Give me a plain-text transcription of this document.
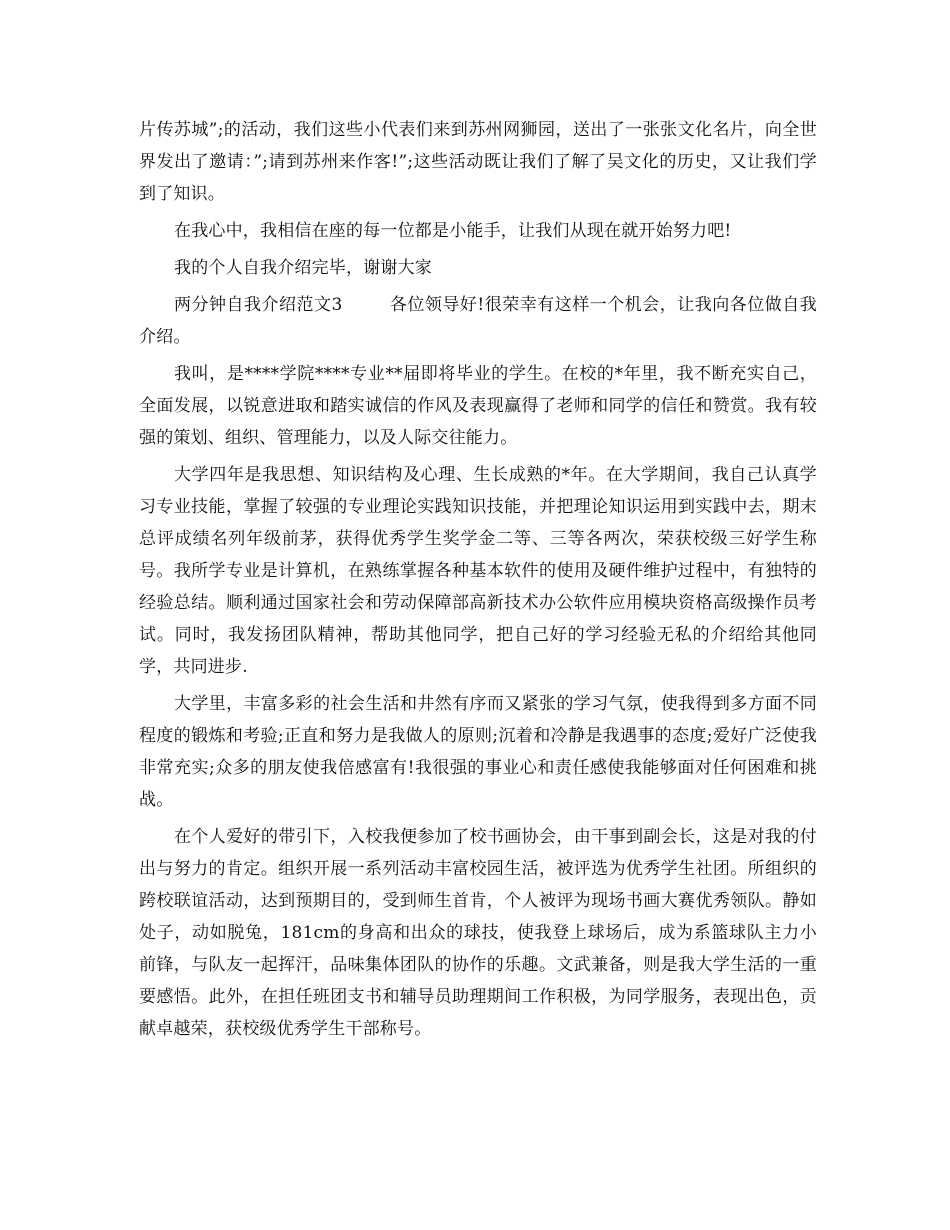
片传苏城”;的活动，我们这些小代表们来到苏州网狮园，送出了一张张文化名片，向全世界发出了邀请：”;请到苏州来作客!”;这些活动既让我们了解了吴文化的历史，又让我们学到了知识。

在我心中，我相信在座的每一位都是小能手，让我们从现在就开始努力吧!

我的个人自我介绍完毕，谢谢大家

两分钟自我介绍范文3        各位领导好!很荣幸有这样一个机会，让我向各位做自我介绍。

我叫，是****学院****专业**届即将毕业的学生。在校的*年里，我不断充实自己，全面发展，以锐意进取和踏实诚信的作风及表现赢得了老师和同学的信任和赞赏。我有较强的策划、组织、管理能力，以及人际交往能力。

大学四年是我思想、知识结构及心理、生长成熟的*年。在大学期间，我自己认真学习专业技能，掌握了较强的专业理论实践知识技能，并把理论知识运用到实践中去，期末总评成绩名列年级前茅，获得优秀学生奖学金二等、三等各两次，荣获校级三好学生称号。我所学专业是计算机，在熟练掌握各种基本软件的使用及硬件维护过程中，有独特的经验总结。顺利通过国家社会和劳动保障部高新技术办公软件应用模块资格高级操作员考试。同时，我发扬团队精神，帮助其他同学，把自己好的学习经验无私的介绍给其他同学，共同进步.

大学里，丰富多彩的社会生活和井然有序而又紧张的学习气氛，使我得到多方面不同程度的锻炼和考验;正直和努力是我做人的原则;沉着和冷静是我遇事的态度;爱好广泛使我非常充实;众多的朋友使我倍感富有!我很强的事业心和责任感使我能够面对任何困难和挑战。

在个人爱好的带引下，入校我便参加了校书画协会，由干事到副会长，这是对我的付出与努力的肯定。组织开展一系列活动丰富校园生活，被评选为优秀学生社团。所组织的跨校联谊活动，达到预期目的，受到师生首肯，个人被评为现场书画大赛优秀领队。静如处子，动如脱兔，181cm的身高和出众的球技，使我登上球场后，成为系篮球队主力小前锋，与队友一起挥汗，品味集体团队的协作的乐趣。文武兼备，则是我大学生活的一重要感悟。此外，在担任班团支书和辅导员助理期间工作积极，为同学服务，表现出色，贡献卓越荣，获校级优秀学生干部称号。
